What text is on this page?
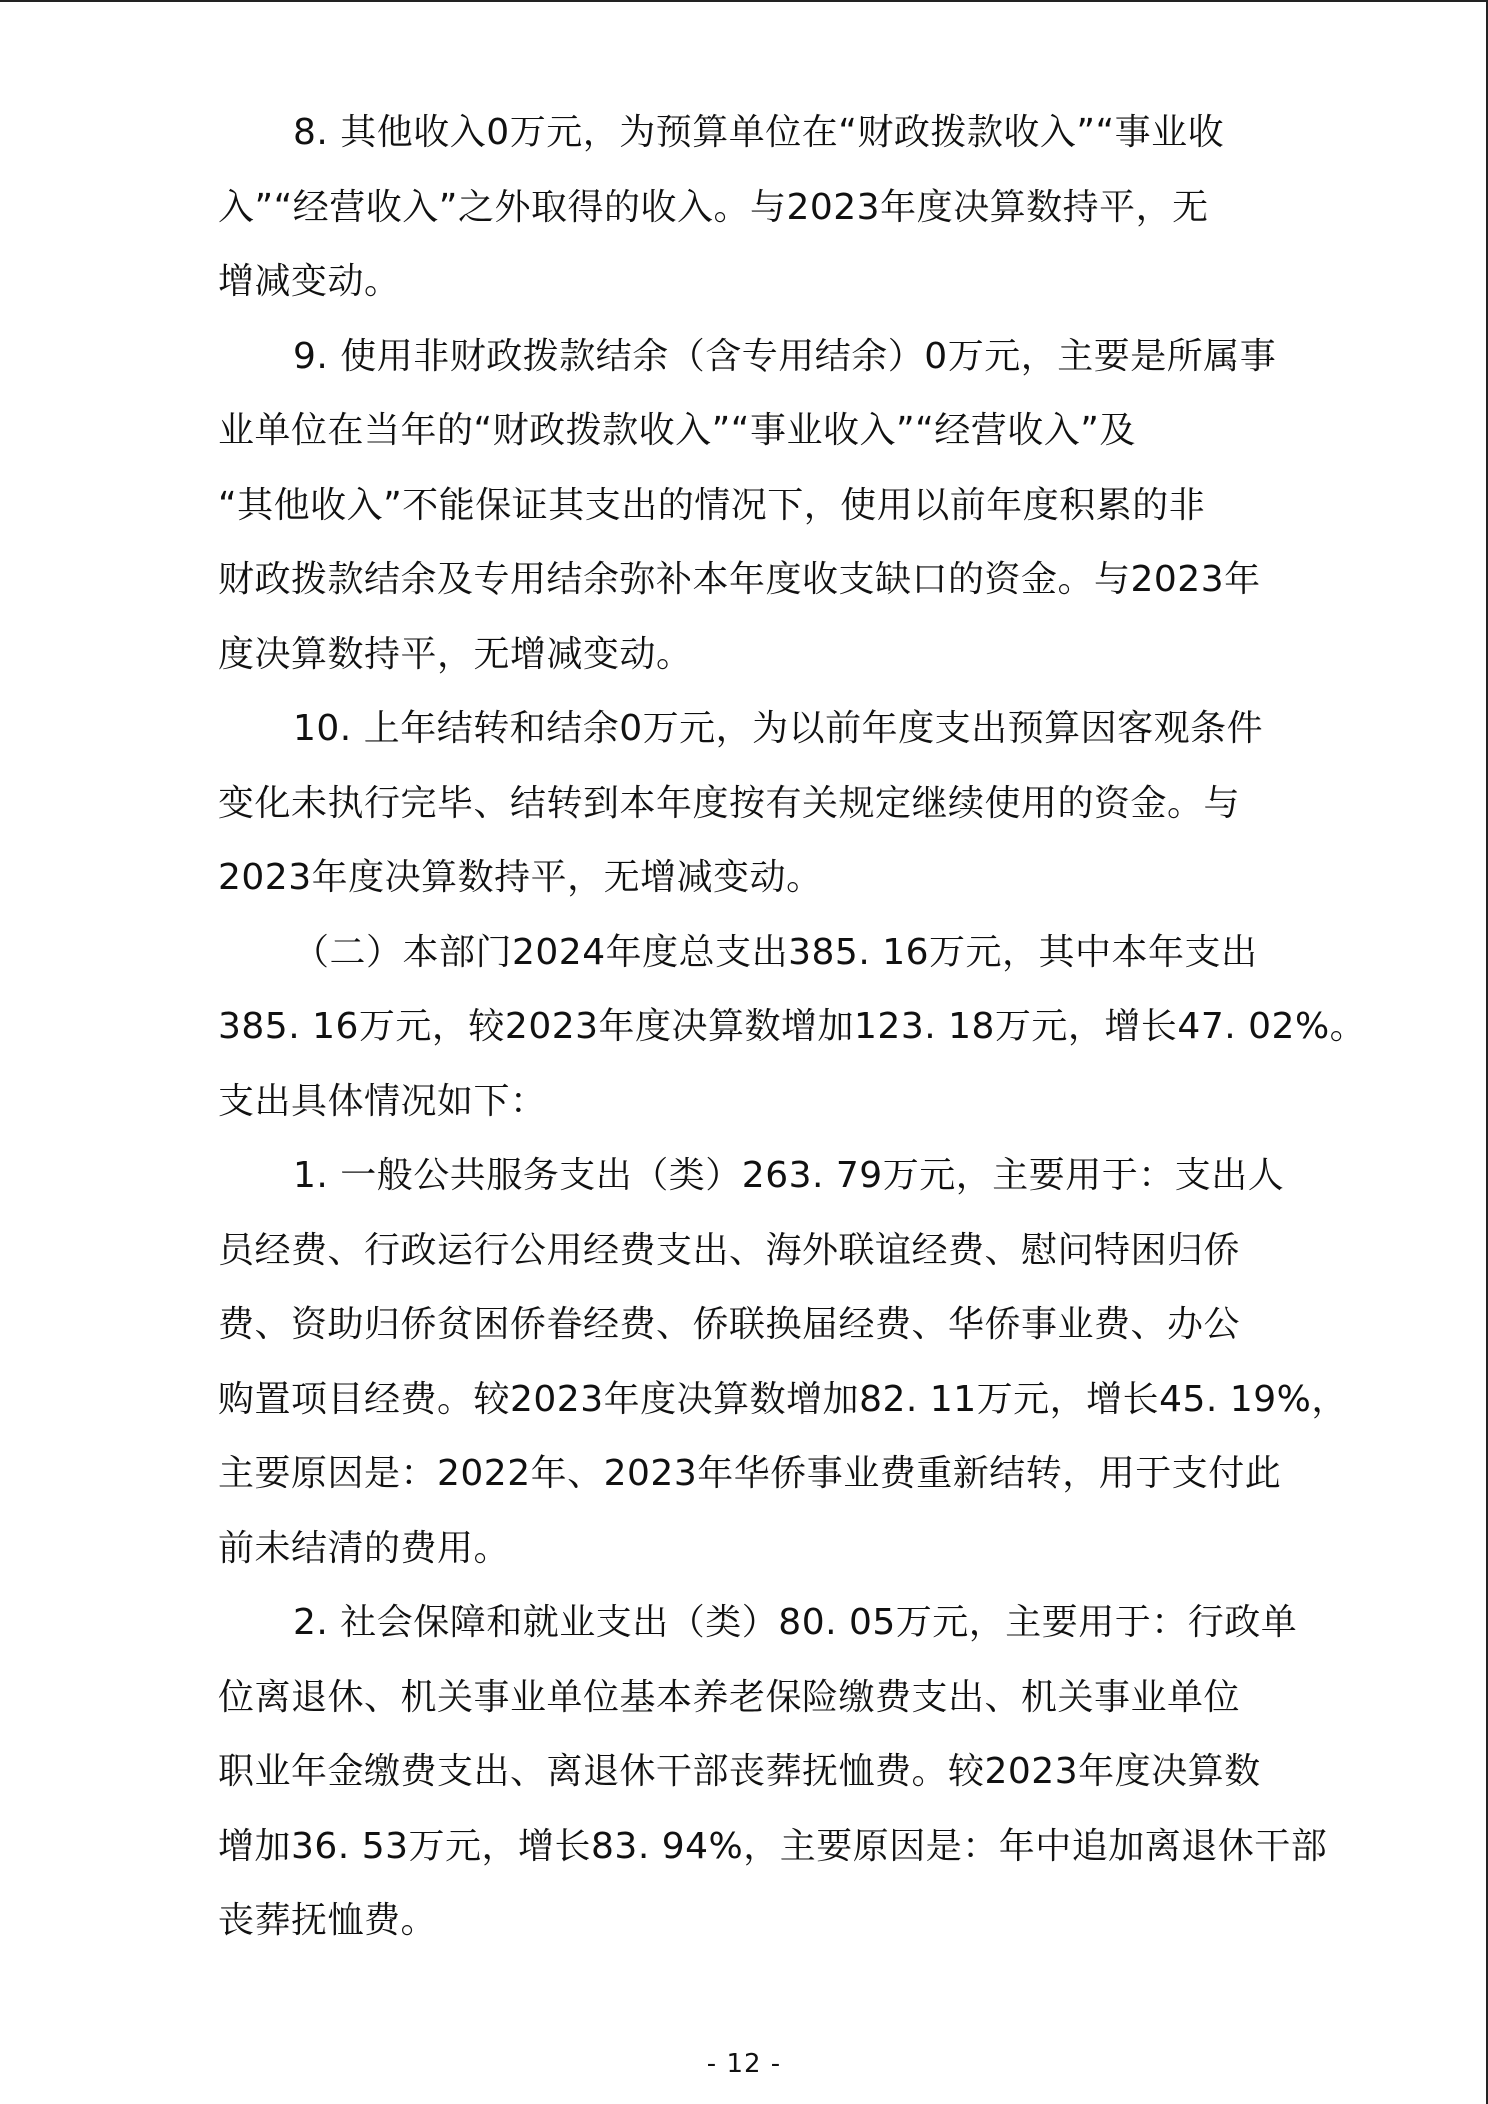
8. 其他收入0万元，为预算单位在“财政拨款收入”“事业收
入”“经营收入”之外取得的收入。与2023年度决算数持平，无
增减变动。

9. 使用非财政拨款结余（含专用结余）0万元，主要是所属事
业单位在当年的“财政拨款收入”“事业收入”“经营收入”及
“其他收入”不能保证其支出的情况下，使用以前年度积累的非
财政拨款结余及专用结余弥补本年度收支缺口的资金。与2023年
度决算数持平，无增减变动。

10. 上年结转和结余0万元，为以前年度支出预算因客观条件
变化未执行完毕、结转到本年度按有关规定继续使用的资金。与
2023年度决算数持平，无增减变动。

（二）本部门2024年度总支出385. 16万元，其中本年支出
385. 16万元，较2023年度决算数增加123. 18万元，增长47. 02%。
支出具体情况如下：

1. 一般公共服务支出（类）263. 79万元，主要用于：支出人
员经费、行政运行公用经费支出、海外联谊经费、慰问特困归侨
费、资助归侨贫困侨眷经费、侨联换届经费、华侨事业费、办公
购置项目经费。较2023年度决算数增加82. 11万元，增长45. 19%，
主要原因是：2022年、2023年华侨事业费重新结转，用于支付此
前未结清的费用。

2. 社会保障和就业支出（类）80. 05万元，主要用于：行政单
位离退休、机关事业单位基本养老保险缴费支出、机关事业单位
职业年金缴费支出、离退休干部丧葬抚恤费。较2023年度决算数
增加36. 53万元，增长83. 94%，主要原因是：年中追加离退休干部
丧葬抚恤费。

- 12 -
